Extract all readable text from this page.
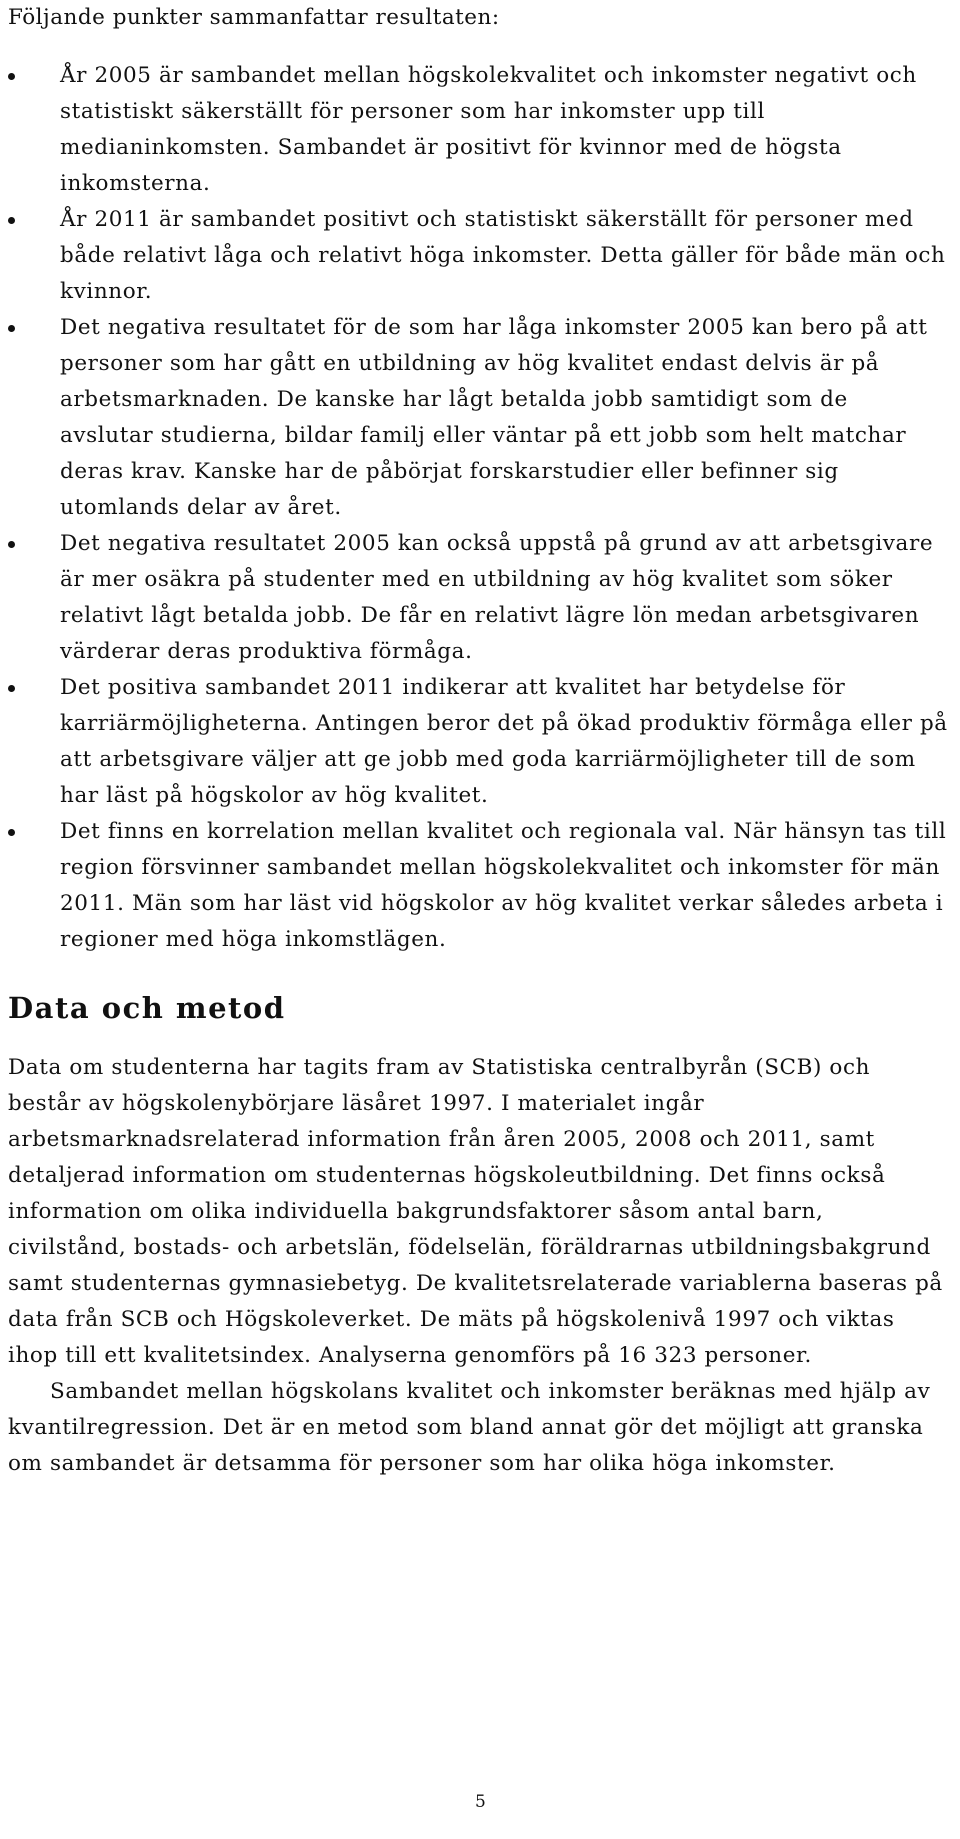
Följande punkter sammanfattar resultaten:

År 2005 är sambandet mellan högskolekvalitet och inkomster negativt och statistiskt säkerställt för personer som har inkomster upp till medianinkomsten. Sambandet är positivt för kvinnor med de högsta inkomsterna.
År 2011 är sambandet positivt och statistiskt säkerställt för personer med både relativt låga och relativt höga inkomster. Detta gäller för både män och kvinnor.
Det negativa resultatet för de som har låga inkomster 2005 kan bero på att personer som har gått en utbildning av hög kvalitet endast delvis är på arbetsmarknaden. De kanske har lågt betalda jobb samtidigt som de avslutar studierna, bildar familj eller väntar på ett jobb som helt matchar deras krav. Kanske har de påbörjat forskarstudier eller befinner sig utomlands delar av året.
Det negativa resultatet 2005 kan också uppstå på grund av att arbetsgivare är mer osäkra på studenter med en utbildning av hög kvalitet som söker relativt lågt betalda jobb. De får en relativt lägre lön medan arbetsgivaren värderar deras produktiva förmåga.
Det positiva sambandet 2011 indikerar att kvalitet har betydelse för karriärmöjligheterna. Antingen beror det på ökad produktiv förmåga eller på att arbetsgivare väljer att ge jobb med goda karriärmöjligheter till de som har läst på högskolor av hög kvalitet.
Det finns en korrelation mellan kvalitet och regionala val. När hänsyn tas till region försvinner sambandet mellan högskolekvalitet och inkomster för män 2011. Män som har läst vid högskolor av hög kvalitet verkar således arbeta i regioner med höga inkomstlägen.
Data och metod

Data om studenterna har tagits fram av Statistiska centralbyrån (SCB) och består av högskolenybörjare läsåret 1997. I materialet ingår arbetsmarknadsrelaterad information från åren 2005, 2008 och 2011, samt detaljerad information om studenternas högskoleutbildning. Det finns också information om olika individuella bakgrundsfaktorer såsom antal barn, civilstånd, bostads- och arbetslän, födelselän, föräldrarnas utbildningsbakgrund samt studenternas gymnasiebetyg. De kvalitetsrelaterade variablerna baseras på data från SCB och Högskoleverket. De mäts på högskolenivå 1997 och viktas ihop till ett kvalitetsindex. Analyserna genomförs på 16 323 personer.

Sambandet mellan högskolans kvalitet och inkomster beräknas med hjälp av kvantilregression. Det är en metod som bland annat gör det möjligt att granska om sambandet är detsamma för personer som har olika höga inkomster.

5
